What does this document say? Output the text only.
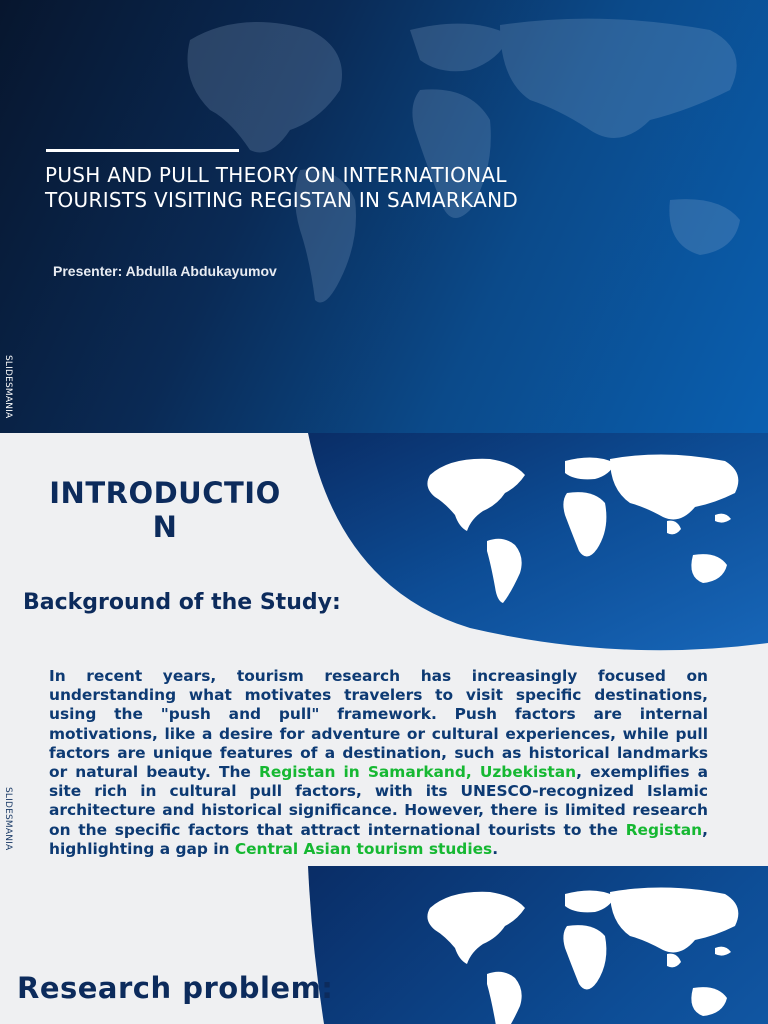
PUSH AND PULL THEORY ON INTERNATIONAL
TOURISTS VISITING REGISTAN IN SAMARKAND
Presenter: Abdulla Abdukayumov
SLIDESMANIA
INTRODUCTIO
N
Background of the Study:
In recent years, tourism research has increasingly focused on understanding what motivates travelers to visit specific destinations, using the "push and pull" framework. Push factors are internal motivations, like a desire for adventure or cultural experiences, while pull factors are unique features of a destination, such as historical landmarks or natural beauty. The Registan in Samarkand, Uzbekistan, exemplifies a site rich in cultural pull factors, with its UNESCO-recognized Islamic architecture and historical significance. However, there is limited research on the specific factors that attract international tourists to the Registan, highlighting a gap in Central Asian tourism studies.
SLIDESMANIA
Research problem:
